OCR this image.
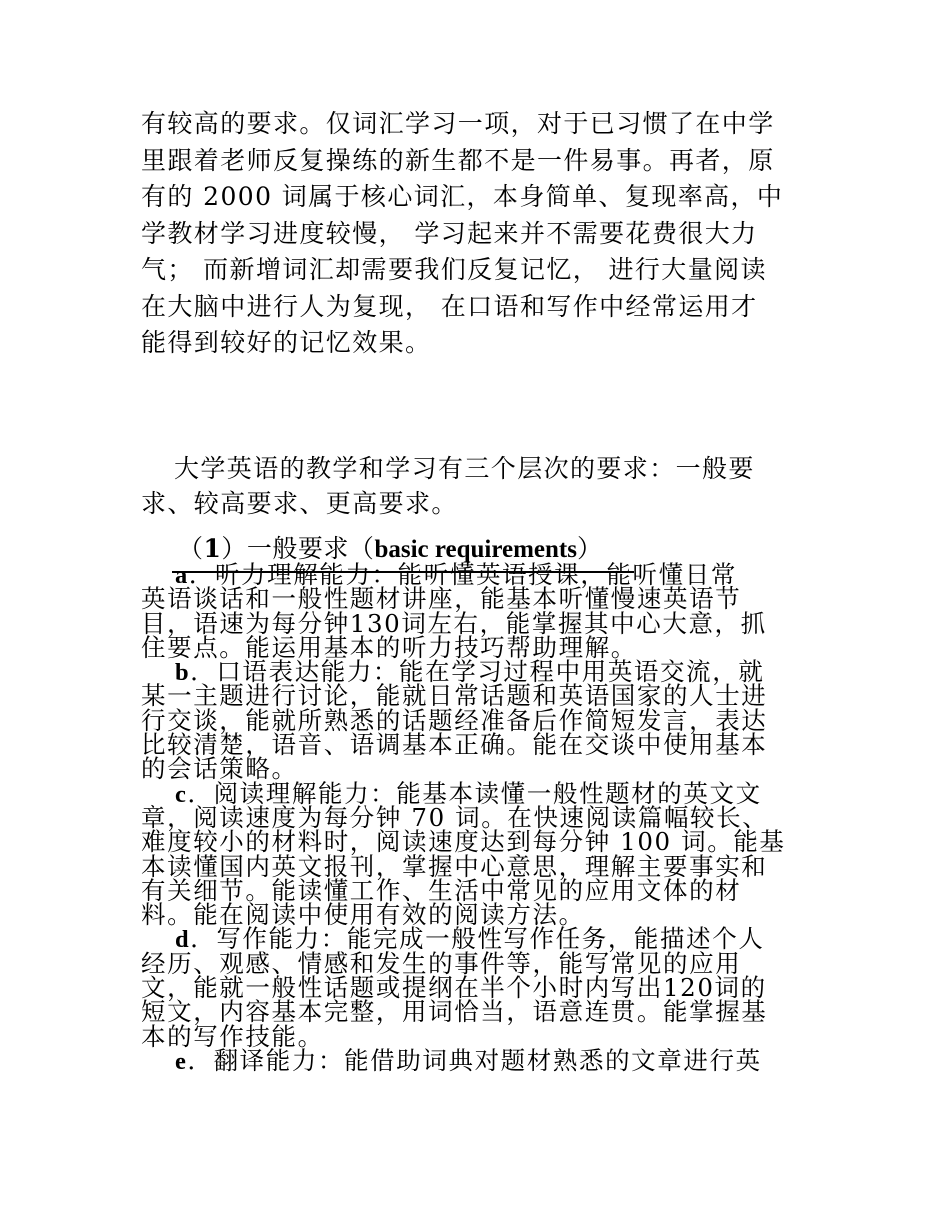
有较高的要求。仅词汇学习一项，对于已习惯了在中学
里跟着老师反复操练的新生都不是一件易事。再者，原
有的 2000 词属于核心词汇，本身简单、复现率高，中
学教材学习进度较慢， 学习起来并不需要花费很大力
气； 而新增词汇却需要我们反复记忆， 进行大量阅读
在大脑中进行人为复现， 在口语和写作中经常运用才
能得到较好的记忆效果。
大学英语的教学和学习有三个层次的要求：一般要
求、较高要求、更高要求。
（1）一般要求（basic requirements）
a．听力理解能力：能听懂英语授课，能听懂日常
英语谈话和一般性题材讲座，能基本听懂慢速英语节
目，语速为每分钟130词左右，能掌握其中心大意，抓
住要点。能运用基本的听力技巧帮助理解。
b．口语表达能力：能在学习过程中用英语交流，就
某一主题进行讨论，能就日常话题和英语国家的人士进
行交谈，能就所熟悉的话题经准备后作简短发言，表达
比较清楚，语音、语调基本正确。能在交谈中使用基本
的会话策略。
c．阅读理解能力：能基本读懂一般性题材的英文文
章，阅读速度为每分钟 70 词。在快速阅读篇幅较长、
难度较小的材料时，阅读速度达到每分钟 100 词。能基
本读懂国内英文报刊，掌握中心意思，理解主要事实和
有关细节。能读懂工作、生活中常见的应用文体的材
料。能在阅读中使用有效的阅读方法。
d．写作能力：能完成一般性写作任务，能描述个人
经历、观感、情感和发生的事件等，能写常见的应用
文，能就一般性话题或提纲在半个小时内写出120词的
短文，内容基本完整，用词恰当，语意连贯。能掌握基
本的写作技能。
e．翻译能力：能借助词典对题材熟悉的文章进行英
